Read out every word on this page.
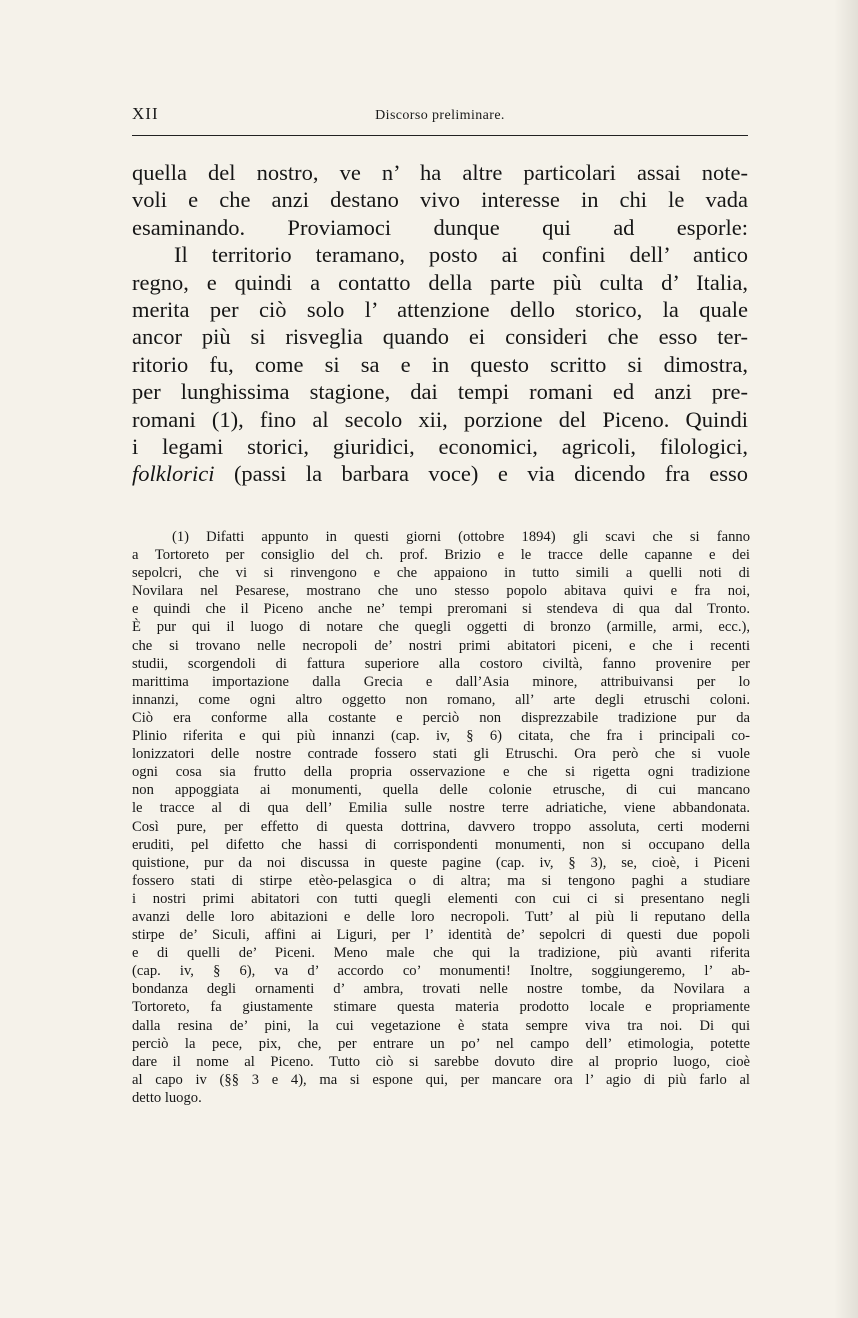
XII	Discorso preliminare.
quella del nostro, ve n’ ha altre particolari assai note-
voli e che anzi destano vivo interesse in chi le vada
esaminando. Proviamoci dunque qui ad esporle:
Il territorio teramano, posto ai confini dell’ antico
regno, e quindi a contatto della parte più culta d’ Italia,
merita per ciò solo l’ attenzione dello storico, la quale
ancor più si risveglia quando ei consideri che esso ter-
ritorio fu, come si sa e in questo scritto si dimostra,
per lunghissima stagione, dai tempi romani ed anzi pre-
romani (1), fino al secolo xii, porzione del Piceno. Quindi
i legami storici, giuridici, economici, agricoli, filologici,
folklorici (passi la barbara voce) e via dicendo fra esso
(1) Difatti appunto in questi giorni (ottobre 1894) gli scavi che si fanno
a Tortoreto per consiglio del ch. prof. Brizio e le tracce delle capanne e dei
sepolcri, che vi si rinvengono e che appaiono in tutto simili a quelli noti di
Novilara nel Pesarese, mostrano che uno stesso popolo abitava quivi e fra noi,
e quindi che il Piceno anche ne’ tempi preromani si stendeva di qua dal Tronto.
È pur qui il luogo di notare che quegli oggetti di bronzo (armille, armi, ecc.),
che si trovano nelle necropoli de’ nostri primi abitatori piceni, e che i recenti
studii, scorgendoli di fattura superiore alla costoro civiltà, fanno provenire per
marittima importazione dalla Grecia e dall’Asia minore, attribuivansi per lo
innanzi, come ogni altro oggetto non romano, all’ arte degli etruschi coloni.
Ciò era conforme alla costante e perciò non disprezzabile tradizione pur da
Plinio riferita e qui più innanzi (cap. iv, § 6) citata, che fra i principali co-
lonizzatori delle nostre contrade fossero stati gli Etruschi. Ora però che si vuole
ogni cosa sia frutto della propria osservazione e che si rigetta ogni tradizione
non appoggiata ai monumenti, quella delle colonie etrusche, di cui mancano
le tracce al di qua dell’ Emilia sulle nostre terre adriatiche, viene abbandonata.
Così pure, per effetto di questa dottrina, davvero troppo assoluta, certi moderni
eruditi, pel difetto che hassi di corrispondenti monumenti, non si occupano della
quistione, pur da noi discussa in queste pagine (cap. iv, § 3), se, cioè, i Piceni
fossero stati di stirpe etèo-pelasgica o di altra; ma si tengono paghi a studiare
i nostri primi abitatori con tutti quegli elementi con cui ci si presentano negli
avanzi delle loro abitazioni e delle loro necropoli. Tutt’ al più li reputano della
stirpe de’ Siculi, affini ai Liguri, per l’ identità de’ sepolcri di questi due popoli
e di quelli de’ Piceni. Meno male che qui la tradizione, più avanti riferita
(cap. iv, § 6), va d’ accordo co’ monumenti! Inoltre, soggiungeremo, l’ ab-
bondanza degli ornamenti d’ ambra, trovati nelle nostre tombe, da Novilara a
Tortoreto, fa giustamente stimare questa materia prodotto locale e propriamente
dalla resina de’ pini, la cui vegetazione è stata sempre viva tra noi. Di qui
perciò la pece, pix, che, per entrare un po’ nel campo dell’ etimologia, potette
dare il nome al Piceno. Tutto ciò si sarebbe dovuto dire al proprio luogo, cioè
al capo iv (§§ 3 e 4), ma si espone qui, per mancare ora l’ agio di più farlo al
detto luogo.
